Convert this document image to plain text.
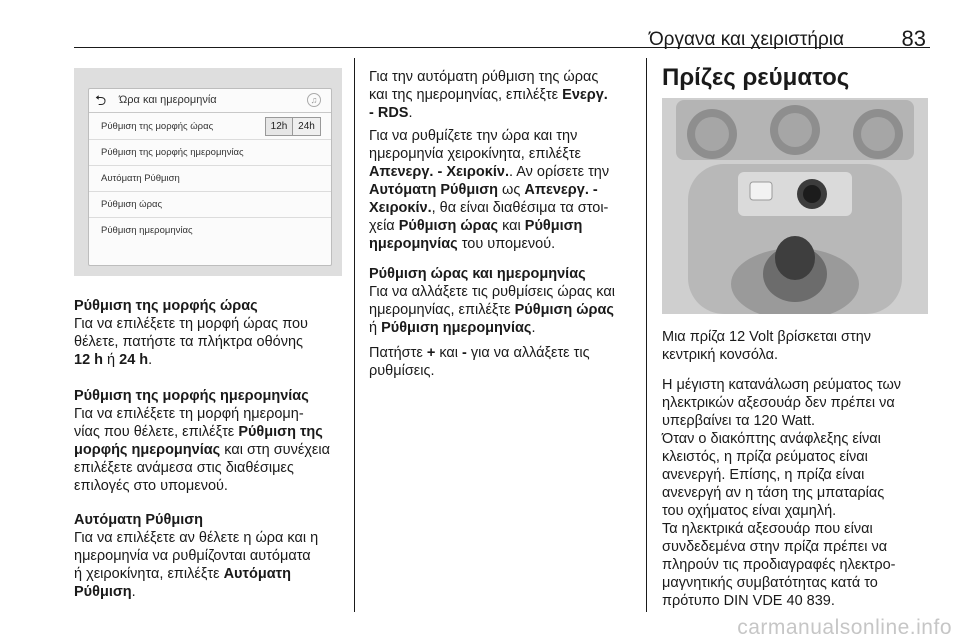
Όργανα και χειριστήρια	83
⮌ Ώρα και ημερομηνία	♫
Ρύθμιση της μορφής ώρας	12h	24h
Ρύθμιση της μορφής ημερομηνίας
Αυτόματη Ρύθμιση
Ρύθμιση ώρας
Ρύθμιση ημερομηνίας

Ρύθμιση της μορφής ώρας

Για να επιλέξετε τη μορφή ώρας που

θέλετε, πατήστε τα πλήκτρα οθόνης

12 h ή 24 h.

Ρύθμιση της μορφής ημερομηνίας

Για να επιλέξετε τη μορφή ημερομη-

νίας που θέλετε, επιλέξτε Ρύθμιση της

μορφής ημερομηνίας και στη συνέχεια

επιλέξετε ανάμεσα στις διαθέσιμες

επιλογές στο υπομενού.

Αυτόματη Ρύθμιση

Για να επιλέξετε αν θέλετε η ώρα και η

ημερομηνία να ρυθμίζονται αυτόματα

ή χειροκίνητα, επιλέξτε Αυτόματη

Ρύθμιση.

Για την αυτόματη ρύθμιση της ώρας

και της ημερομηνίας, επιλέξτε Ενεργ.

- RDS.

Για να ρυθμίζετε την ώρα και την

ημερομηνία χειροκίνητα, επιλέξτε

Απενεργ. - Χειροκίν.. Αν ορίσετε την

Αυτόματη Ρύθμιση ως Απενεργ. -

Χειροκίν., θα είναι διαθέσιμα τα στοι-

χεία Ρύθμιση ώρας και Ρύθμιση

ημερομηνίας του υπομενού.

Ρύθμιση ώρας και ημερομηνίας

Για να αλλάξετε τις ρυθμίσεις ώρας και

ημερομηνίας, επιλέξτε Ρύθμιση ώρας

ή Ρύθμιση ημερομηνίας.

Πατήστε + και - για να αλλάξετε τις

ρυθμίσεις.

Πρίζες ρεύματος

Μια πρίζα 12 Volt βρίσκεται στην

κεντρική κονσόλα.

Η μέγιστη κατανάλωση ρεύματος των

ηλεκτρικών αξεσουάρ δεν πρέπει να

υπερβαίνει τα 120 Watt.

Όταν ο διακόπτης ανάφλεξης είναι

κλειστός, η πρίζα ρεύματος είναι

ανενεργή. Επίσης, η πρίζα είναι

ανενεργή αν η τάση της μπαταρίας

του οχήματος είναι χαμηλή.

Τα ηλεκτρικά αξεσουάρ που είναι

συνδεδεμένα στην πρίζα πρέπει να

πληρούν τις προδιαγραφές ηλεκτρο-

μαγνητικής συμβατότητας κατά το

πρότυπο DIN VDE 40 839.

carmanualsonline.info
